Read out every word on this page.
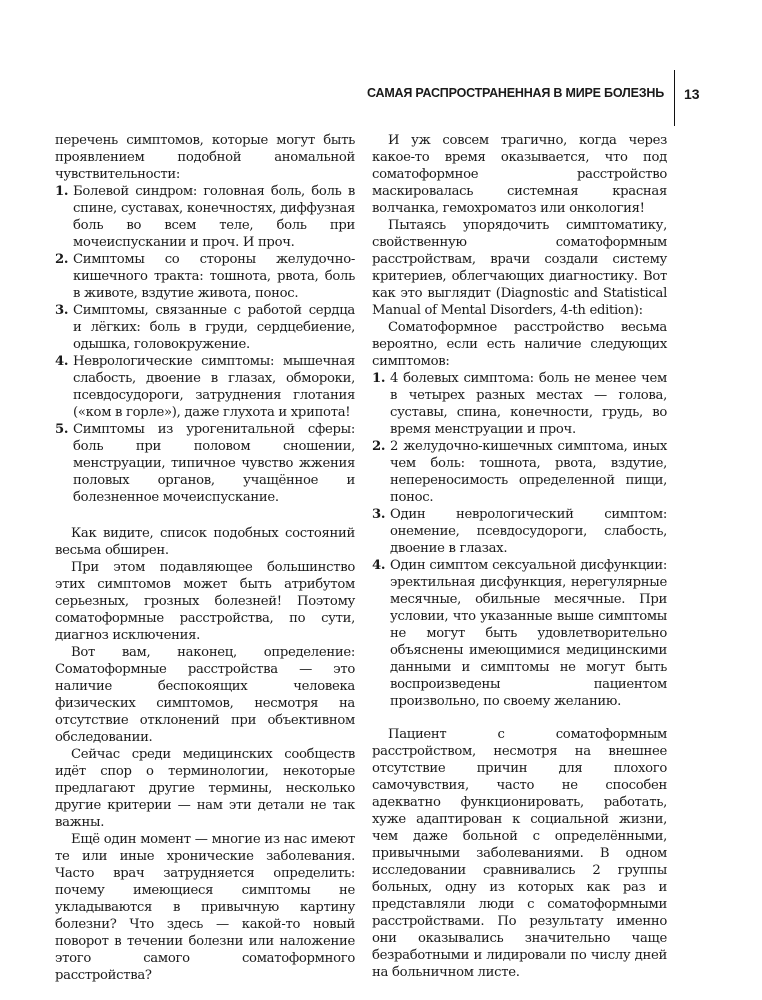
САМАЯ РАСПРОСТРАНЕННАЯ В МИРЕ БОЛЕЗНЬ 13

перечень симптомов, которые могут быть проявлением подобной аномальной чувствительности:

1. Болевой синдром: головная боль, боль в спине, суставах, конечностях, диффузная боль во всем теле, боль при мочеиспускании и проч. И проч.
2. Симптомы со стороны желудочно-кишечного тракта: тошнота, рвота, боль в животе, вздутие живота, понос.
3. Симптомы, связанные с работой сердца и лёгких: боль в груди, сердцебиение, одышка, головокружение.
4. Неврологические симптомы: мышечная слабость, двоение в глазах, обмороки, псевдосудороги, затруднения глотания («ком в горле»), даже глухота и хрипота!
5. Симптомы из урогенитальной сферы: боль при половом сношении, менструации, типичное чувство жжения половых органов, учащённое и болезненное мочеиспускание.

Как видите, список подобных состояний весьма обширен.

При этом подавляющее большинство этих симптомов может быть атрибутом серьезных, грозных болезней! Поэтому соматоформные расстройства, по сути, диагноз исключения.

Вот вам, наконец, определение: Соматоформные расстройства — это наличие беспокоящих человека физических симптомов, несмотря на отсутствие отклонений при объективном обследовании.

Сейчас среди медицинских сообществ идёт спор о терминологии, некоторые предлагают другие термины, несколько другие критерии — нам эти детали не так важны.

Ещё один момент — многие из нас имеют те или иные хронические заболевания. Часто врач затрудняется определить: почему имеющиеся симптомы не укладываются в привычную картину болезни? Что здесь — какой-то новый поворот в течении болезни или наложение этого самого соматоформного расстройства?

И уж совсем трагично, когда через какое-то время оказывается, что под соматоформное расстройство маскировалась системная красная волчанка, гемохроматоз или онкология!

Пытаясь упорядочить симптоматику, свойственную соматоформным расстройствам, врачи создали систему критериев, облегчающих диагностику. Вот как это выглядит (Diagnostic and Statistical Manual of Mental Disorders, 4-th edition):

Соматоформное расстройство весьма вероятно, если есть наличие следующих симптомов:

1. 4 болевых симптома: боль не менее чем в четырех разных местах — голова, суставы, спина, конечности, грудь, во время менструации и проч.
2. 2 желудочно-кишечных симптома, иных чем боль: тошнота, рвота, вздутие, непереносимость определенной пищи, понос.
3. Один неврологический симптом: онемение, псевдосудороги, слабость, двоение в глазах.
4. Один симптом сексуальной дисфункции: эректильная дисфункция, нерегулярные месячные, обильные месячные. При условии, что указанные выше симптомы не могут быть удовлетворительно объяснены имеющимися медицинскими данными и симптомы не могут быть воспроизведены пациентом произвольно, по своему желанию.

Пациент с соматоформным расстройством, несмотря на внешнее отсутствие причин для плохого самочувствия, часто не способен адекватно функционировать, работать, хуже адаптирован к социальной жизни, чем даже больной с определёнными, привычными заболеваниями. В одном исследовании сравнивались 2 группы больных, одну из которых как раз и представляли люди с соматоформными расстройствами. По результату именно они оказывались значительно чаще безработными и лидировали по числу дней на больничном листе.
